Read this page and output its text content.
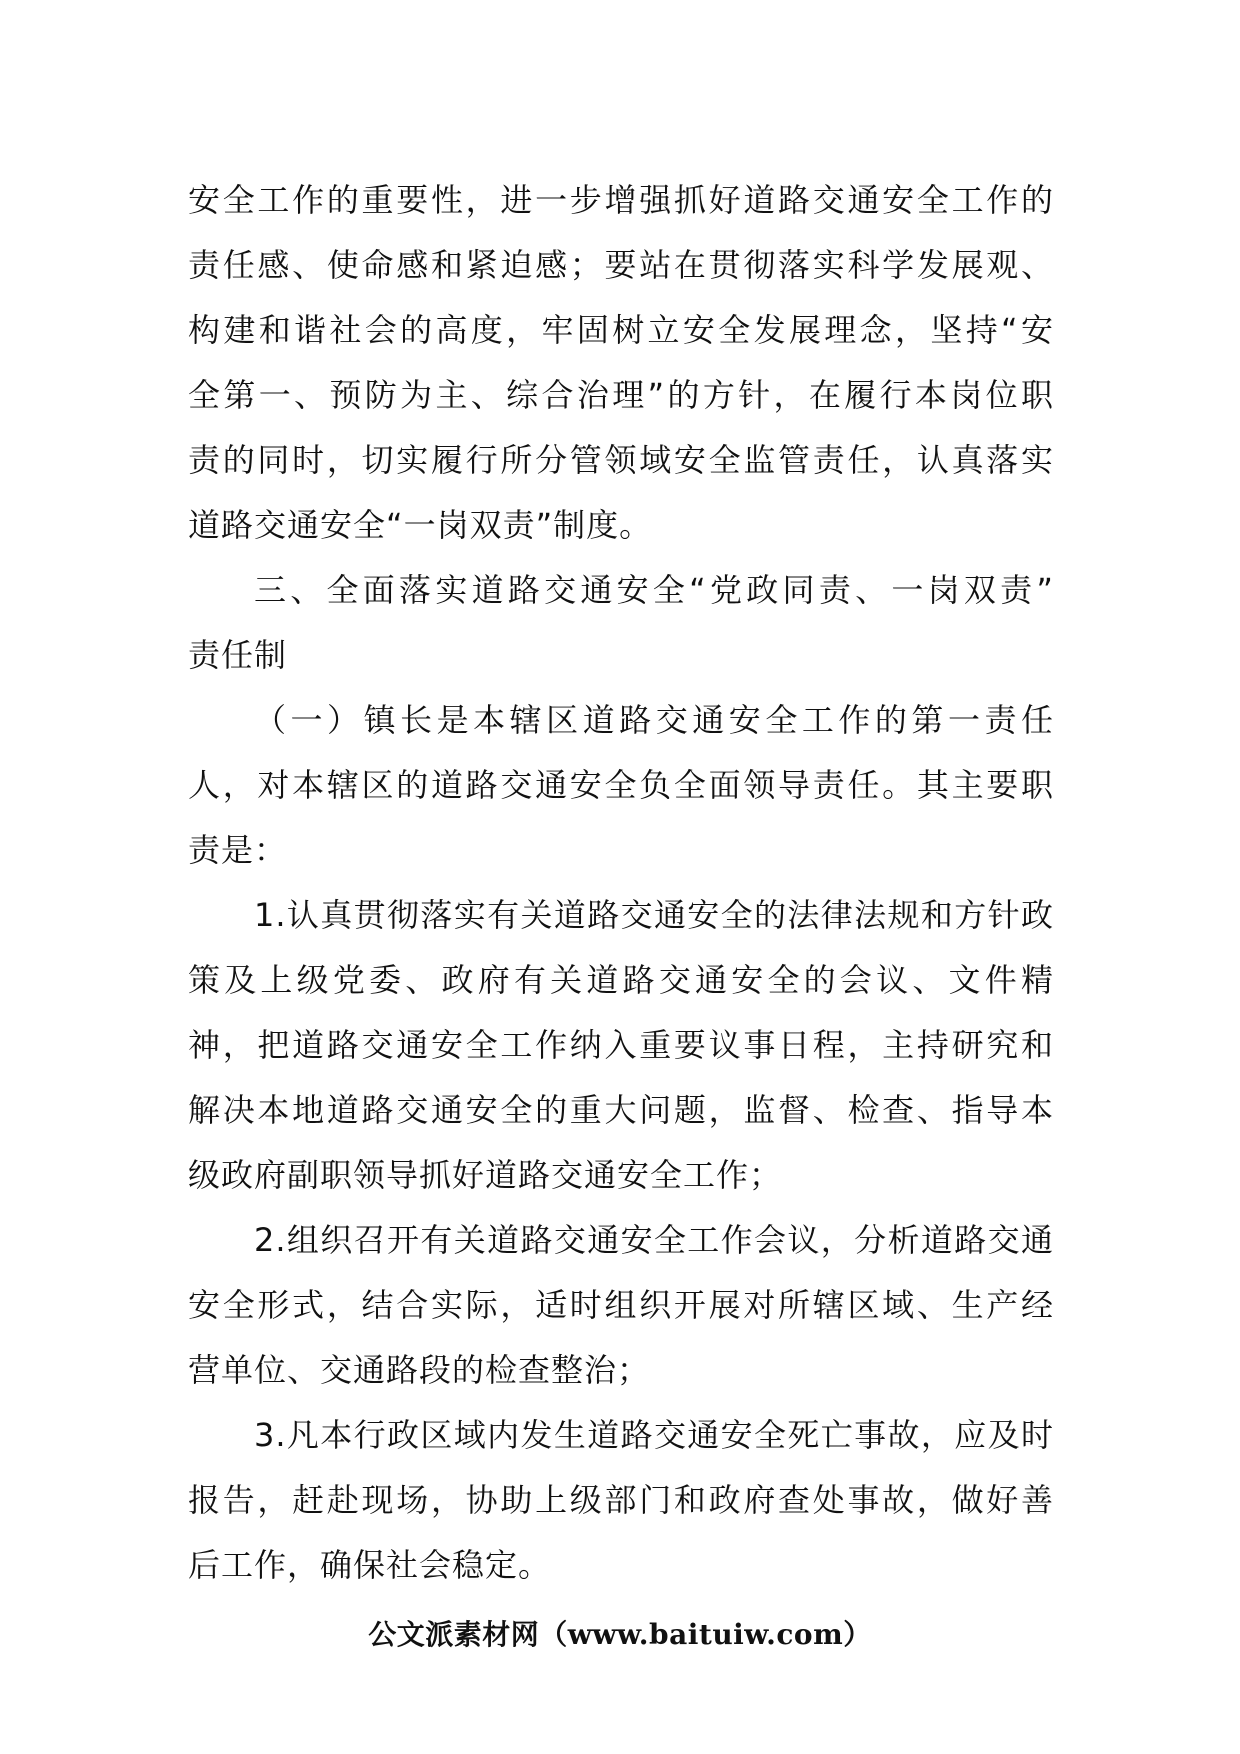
安全工作的重要性，进一步增强抓好道路交通安全工作的
责任感、使命感和紧迫感；要站在贯彻落实科学发展观、
构建和谐社会的高度，牢固树立安全发展理念，坚持“安
全第一、预防为主、综合治理”的方针，在履行本岗位职
责的同时，切实履行所分管领域安全监管责任，认真落实
道路交通安全“一岗双责”制度。
三、全面落实道路交通安全“党政同责、一岗双责”
责任制
（一）镇长是本辖区道路交通安全工作的第一责任
人，对本辖区的道路交通安全负全面领导责任。其主要职
责是：
1.认真贯彻落实有关道路交通安全的法律法规和方针政
策及上级党委、政府有关道路交通安全的会议、文件精
神，把道路交通安全工作纳入重要议事日程，主持研究和
解决本地道路交通安全的重大问题，监督、检查、指导本
级政府副职领导抓好道路交通安全工作；
2.组织召开有关道路交通安全工作会议，分析道路交通
安全形式，结合实际，适时组织开展对所辖区域、生产经
营单位、交通路段的检查整治；
3.凡本行政区域内发生道路交通安全死亡事故，应及时
报告，赶赴现场，协助上级部门和政府查处事故，做好善
后工作，确保社会稳定。
公文派素材网（www.baituiw.com）
